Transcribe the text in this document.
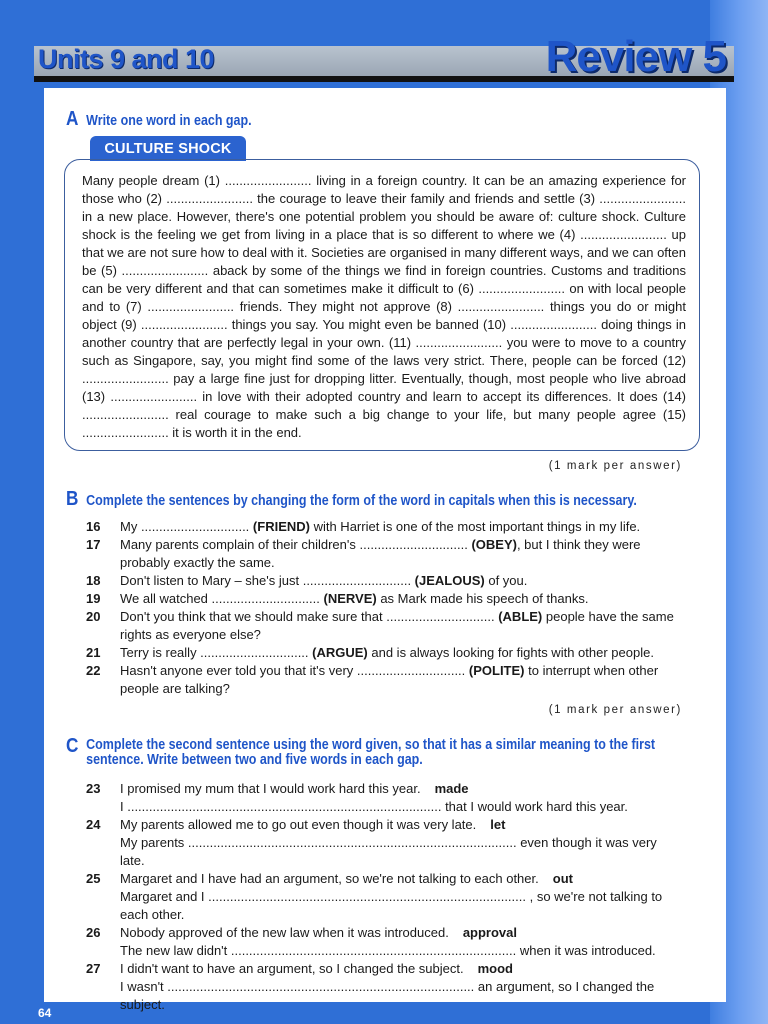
Units 9 and 10	Review 5
A Write one word in each gap.
CULTURE SHOCK
Many people dream (1) ........................ living in a foreign country. It can be an amazing experience for those who (2) ........................ the courage to leave their family and friends and settle (3) ........................ in a new place. However, there's one potential problem you should be aware of: culture shock. Culture shock is the feeling we get from living in a place that is so different to where we (4) ........................ up that we are not sure how to deal with it. Societies are organised in many different ways, and we can often be (5) ........................ aback by some of the things we find in foreign countries. Customs and traditions can be very different and that can sometimes make it difficult to (6) ........................ on with local people and to (7) ........................ friends. They might not approve (8) ........................ things you do or might object (9) ........................ things you say. You might even be banned (10) ........................ doing things in another country that are perfectly legal in your own. (11) ........................ you were to move to a country such as Singapore, say, you might find some of the laws very strict. There, people can be forced (12) ........................ pay a large fine just for dropping litter. Eventually, though, most people who live abroad (13) ........................ in love with their adopted country and learn to accept its differences. It does (14) ........................ real courage to make such a big change to your life, but many people agree (15) ........................ it is worth it in the end.
(1 mark per answer)
B Complete the sentences by changing the form of the word in capitals when this is necessary.
16	My .............................. (FRIEND) with Harriet is one of the most important things in my life.
17	Many parents complain of their children's .............................. (OBEY), but I think they were probably exactly the same.
18	Don't listen to Mary – she's just .............................. (JEALOUS) of you.
19	We all watched .............................. (NERVE) as Mark made his speech of thanks.
20	Don't you think that we should make sure that .............................. (ABLE) people have the same rights as everyone else?
21	Terry is really .............................. (ARGUE) and is always looking for fights with other people.
22	Hasn't anyone ever told you that it's very .............................. (POLITE) to interrupt when other people are talking?
(1 mark per answer)
C Complete the second sentence using the word given, so that it has a similar meaning to the first sentence. Write between two and five words in each gap.
23	I promised my mum that I would work hard this year. made
I ....................................................................................... that I would work hard this year.
24	My parents allowed me to go out even though it was very late. let
My parents ........................................................................................... even though it was very late.
25	Margaret and I have had an argument, so we're not talking to each other. out
Margaret and I ........................................................................................ , so we're not talking to each other.
26	Nobody approved of the new law when it was introduced. approval
The new law didn't ............................................................................... when it was introduced.
27	I didn't want to have an argument, so I changed the subject. mood
I wasn't ..................................................................................... an argument, so I changed the subject.
64
